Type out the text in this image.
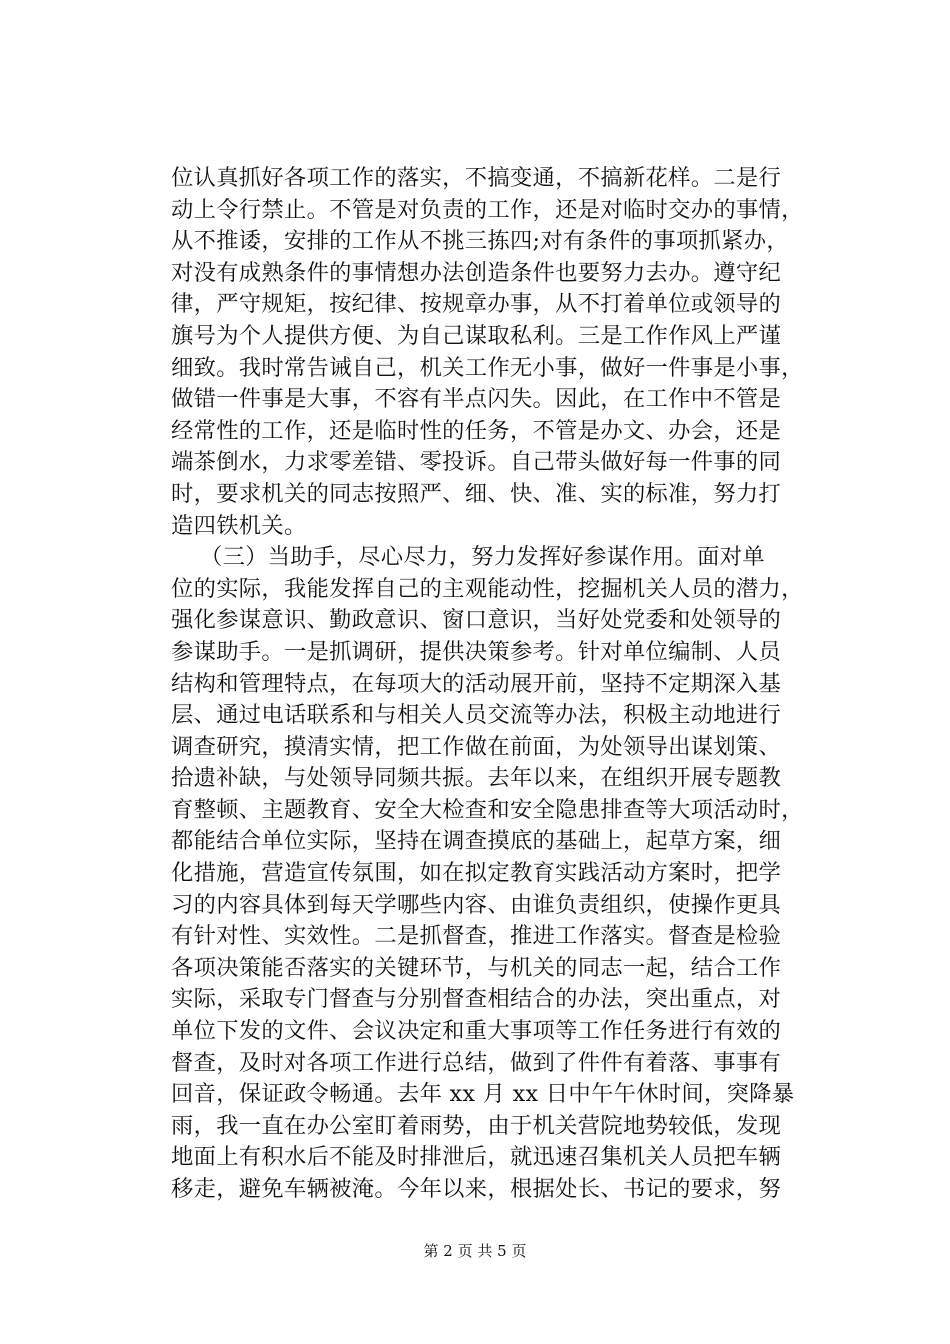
位认真抓好各项工作的落实，不搞变通，不搞新花样。二是行
动上令行禁止。不管是对负责的工作，还是对临时交办的事情，
从不推诿，安排的工作从不挑三拣四;对有条件的事项抓紧办，
对没有成熟条件的事情想办法创造条件也要努力去办。遵守纪
律，严守规矩，按纪律、按规章办事，从不打着单位或领导的
旗号为个人提供方便、为自己谋取私利。三是工作作风上严谨
细致。我时常告诫自己，机关工作无小事，做好一件事是小事，
做错一件事是大事，不容有半点闪失。因此，在工作中不管是
经常性的工作，还是临时性的任务，不管是办文、办会，还是
端茶倒水，力求零差错、零投诉。自己带头做好每一件事的同
时，要求机关的同志按照严、细、快、准、实的标准，努力打
造四铁机关。
（三）当助手，尽心尽力，努力发挥好参谋作用。面对单
位的实际，我能发挥自己的主观能动性，挖掘机关人员的潜力，
强化参谋意识、勤政意识、窗口意识，当好处党委和处领导的
参谋助手。一是抓调研，提供决策参考。针对单位编制、人员
结构和管理特点，在每项大的活动展开前，坚持不定期深入基
层、通过电话联系和与相关人员交流等办法，积极主动地进行
调查研究，摸清实情，把工作做在前面，为处领导出谋划策、
拾遗补缺，与处领导同频共振。去年以来，在组织开展专题教
育整顿、主题教育、安全大检查和安全隐患排查等大项活动时，
都能结合单位实际，坚持在调查摸底的基础上，起草方案，细
化措施，营造宣传氛围，如在拟定教育实践活动方案时，把学
习的内容具体到每天学哪些内容、由谁负责组织，使操作更具
有针对性、实效性。二是抓督查，推进工作落实。督查是检验
各项决策能否落实的关键环节，与机关的同志一起，结合工作
实际，采取专门督查与分别督查相结合的办法，突出重点，对
单位下发的文件、会议决定和重大事项等工作任务进行有效的
督查，及时对各项工作进行总结，做到了件件有着落、事事有
回音，保证政令畅通。去年 xx 月 xx 日中午午休时间，突降暴
雨，我一直在办公室盯着雨势，由于机关营院地势较低，发现
地面上有积水后不能及时排泄后，就迅速召集机关人员把车辆
移走，避免车辆被淹。今年以来，根据处长、书记的要求，努
第 2 页 共 5 页
